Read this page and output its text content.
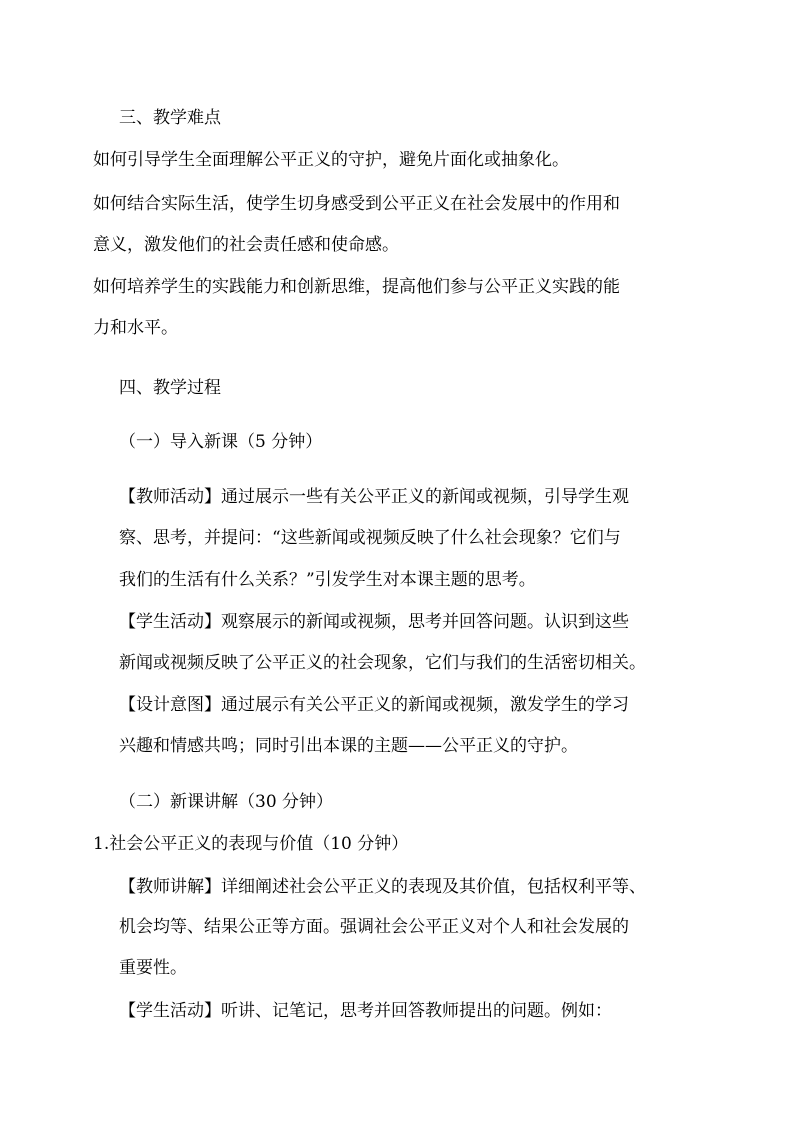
三、教学难点

如何引导学生全面理解公平正义的守护，避免片面化或抽象化。

如何结合实际生活，使学生切身感受到公平正义在社会发展中的作用和

意义，激发他们的社会责任感和使命感。

如何培养学生的实践能力和创新思维，提高他们参与公平正义实践的能

力和水平。

四、教学过程

（一）导入新课（5 分钟）

【教师活动】通过展示一些有关公平正义的新闻或视频，引导学生观

察、思考，并提问：“这些新闻或视频反映了什么社会现象？它们与

我们的生活有什么关系？”引发学生对本课主题的思考。

【学生活动】观察展示的新闻或视频，思考并回答问题。认识到这些

新闻或视频反映了公平正义的社会现象，它们与我们的生活密切相关。

【设计意图】通过展示有关公平正义的新闻或视频，激发学生的学习

兴趣和情感共鸣；同时引出本课的主题——公平正义的守护。

（二）新课讲解（30 分钟）

1.社会公平正义的表现与价值（10 分钟）

【教师讲解】详细阐述社会公平正义的表现及其价值，包括权利平等、

机会均等、结果公正等方面。强调社会公平正义对个人和社会发展的

重要性。

【学生活动】听讲、记笔记，思考并回答教师提出的问题。例如：
